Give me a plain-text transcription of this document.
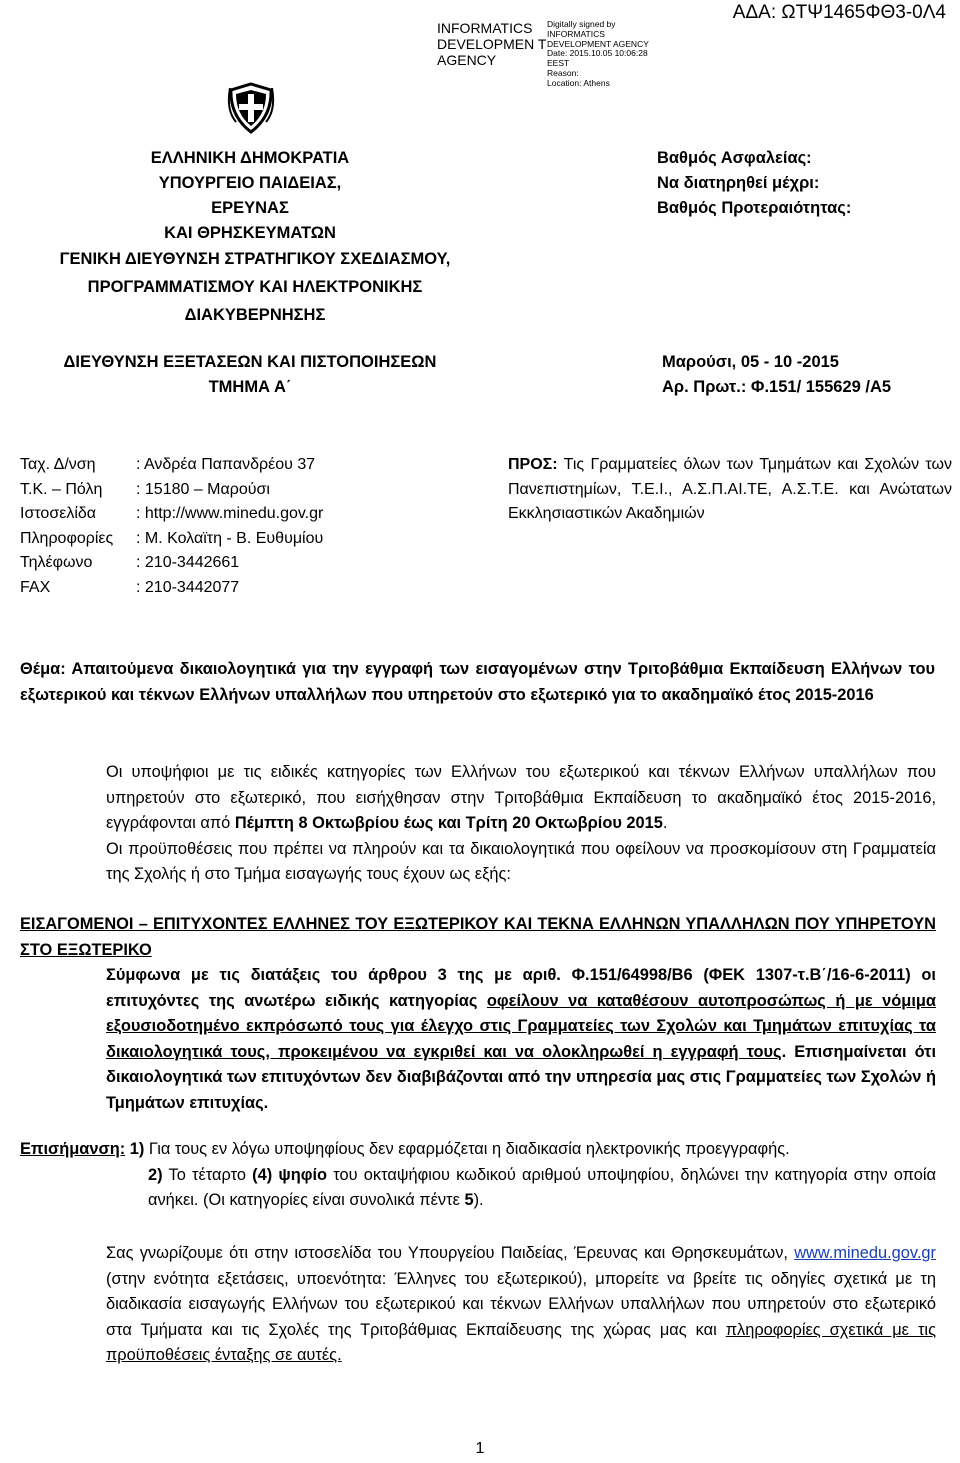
INFORMATICS DEVELOPMEN T AGENCY
Digitally signed by
INFORMATICS
DEVELOPMENT AGENCY
Date: 2015.10.05 10:06:28
EEST
Reason:
Location: Athens
ΑΔΑ: ΩΤΨ1465ΦΘ3-0Λ4
ΕΛΛΗΝΙΚΗ ΔΗΜΟΚΡΑΤΙΑ
ΥΠΟΥΡΓΕΙΟ ΠΑΙΔΕΙΑΣ, ΕΡΕΥΝΑΣ
ΚΑΙ ΘΡΗΣΚΕΥΜΑΤΩΝ
Βαθμός Ασφαλείας:
Να διατηρηθεί μέχρι:
Βαθμός Προτεραιότητας:
ΓΕΝΙΚΗ ΔΙΕΥΘΥΝΣΗ ΣΤΡΑΤΗΓΙΚΟΥ ΣΧΕΔΙΑΣΜΟΥ,
ΠΡΟΓΡΑΜΜΑΤΙΣΜΟΥ ΚΑΙ ΗΛΕΚΤΡΟΝΙΚΗΣ
ΔΙΑΚΥΒΕΡΝΗΣΗΣ
ΔΙΕΥΘΥΝΣΗ ΕΞΕΤΑΣΕΩΝ ΚΑΙ ΠΙΣΤΟΠΟΙΗΣΕΩΝ
ΤΜΗΜΑ Α΄
Μαρούσι, 05 - 10 -2015
Αρ. Πρωτ.: Φ.151/ 155629 /Α5
Ταχ. Δ/νση	: Ανδρέα Παπανδρέου 37
Τ.Κ. – Πόλη	: 15180 – Μαρούσι
Ιστοσελίδα	: http://www.minedu.gov.gr
Πληροφορίες	: Μ. Κολαϊτη - Β. Ευθυμίου
Τηλέφωνο	: 210-3442661
FAX	: 210-3442077
ΠΡΟΣ: Τις Γραμματείες όλων των Τμημάτων και Σχολών των Πανεπιστημίων, Τ.Ε.Ι., Α.Σ.Π.ΑΙ.ΤΕ, Α.Σ.Τ.Ε. και Ανώτατων Εκκλησιαστικών Ακαδημιών
Θέμα: Απαιτούμενα δικαιολογητικά για την εγγραφή των εισαγομένων στην Τριτοβάθμια Εκπαίδευση Ελλήνων του εξωτερικού και τέκνων Ελλήνων υπαλλήλων που υπηρετούν στο εξωτερικό για το ακαδημαϊκό έτος 2015-2016

Οι υποψήφιοι με τις ειδικές κατηγορίες των Ελλήνων του εξωτερικού και τέκνων Ελλήνων υπαλλήλων που υπηρετούν στο εξωτερικό, που εισήχθησαν στην Τριτοβάθμια Εκπαίδευση το ακαδημαϊκό έτος 2015-2016, εγγράφονται από Πέμπτη 8 Οκτωβρίου έως και Τρίτη 20 Οκτωβρίου 2015.

Οι προϋποθέσεις που πρέπει να πληρούν και τα δικαιολογητικά που οφείλουν να προσκομίσουν στη Γραμματεία της Σχολής ή στο Τμήμα εισαγωγής τους έχουν ως εξής:

ΕΙΣΑΓΟΜΕΝΟΙ – ΕΠΙΤΥΧΟΝΤΕΣ ΕΛΛΗΝΕΣ ΤΟΥ ΕΞΩΤΕΡΙΚΟΥ ΚΑΙ ΤΕΚΝΑ ΕΛΛΗΝΩΝ ΥΠΑΛΛΗΛΩΝ ΠΟΥ ΥΠΗΡΕΤΟΥΝ ΣΤΟ ΕΞΩΤΕΡΙΚΟ

Σύμφωνα με τις διατάξεις του άρθρου 3 της με αριθ. Φ.151/64998/Β6 (ΦΕΚ 1307-τ.Β΄/16-6-2011) οι επιτυχόντες της ανωτέρω ειδικής κατηγορίας οφείλουν να καταθέσουν αυτοπροσώπως ή με νόμιμα εξουσιοδοτημένο εκπρόσωπό τους για έλεγχο στις Γραμματείες των Σχολών και Τμημάτων επιτυχίας τα δικαιολογητικά τους, προκειμένου να εγκριθεί και να ολοκληρωθεί η εγγραφή τους. Επισημαίνεται ότι δικαιολογητικά των επιτυχόντων δεν διαβιβάζονται από την υπηρεσία μας στις Γραμματείες των Σχολών ή Τμημάτων επιτυχίας.

Επισήμανση: 1) Για τους εν λόγω υποψηφίους δεν εφαρμόζεται η διαδικασία ηλεκτρονικής προεγγραφής.

2) Το τέταρτο (4) ψηφίο του οκταψήφιου κωδικού αριθμού υποψηφίου, δηλώνει την κατηγορία στην οποία ανήκει. (Οι κατηγορίες είναι συνολικά πέντε 5).

Σας γνωρίζουμε ότι στην ιστοσελίδα του Υπουργείου Παιδείας, Έρευνας και Θρησκευμάτων, www.minedu.gov.gr (στην ενότητα εξετάσεις, υποενότητα: Έλληνες του εξωτερικού), μπορείτε να βρείτε τις οδηγίες σχετικά με τη διαδικασία εισαγωγής Ελλήνων του εξωτερικού και τέκνων Ελλήνων υπαλλήλων που υπηρετούν στο εξωτερικό στα Τμήματα και τις Σχολές της Τριτοβάθμιας Εκπαίδευσης της χώρας μας και πληροφορίες σχετικά με τις προϋποθέσεις ένταξης σε αυτές.

1
